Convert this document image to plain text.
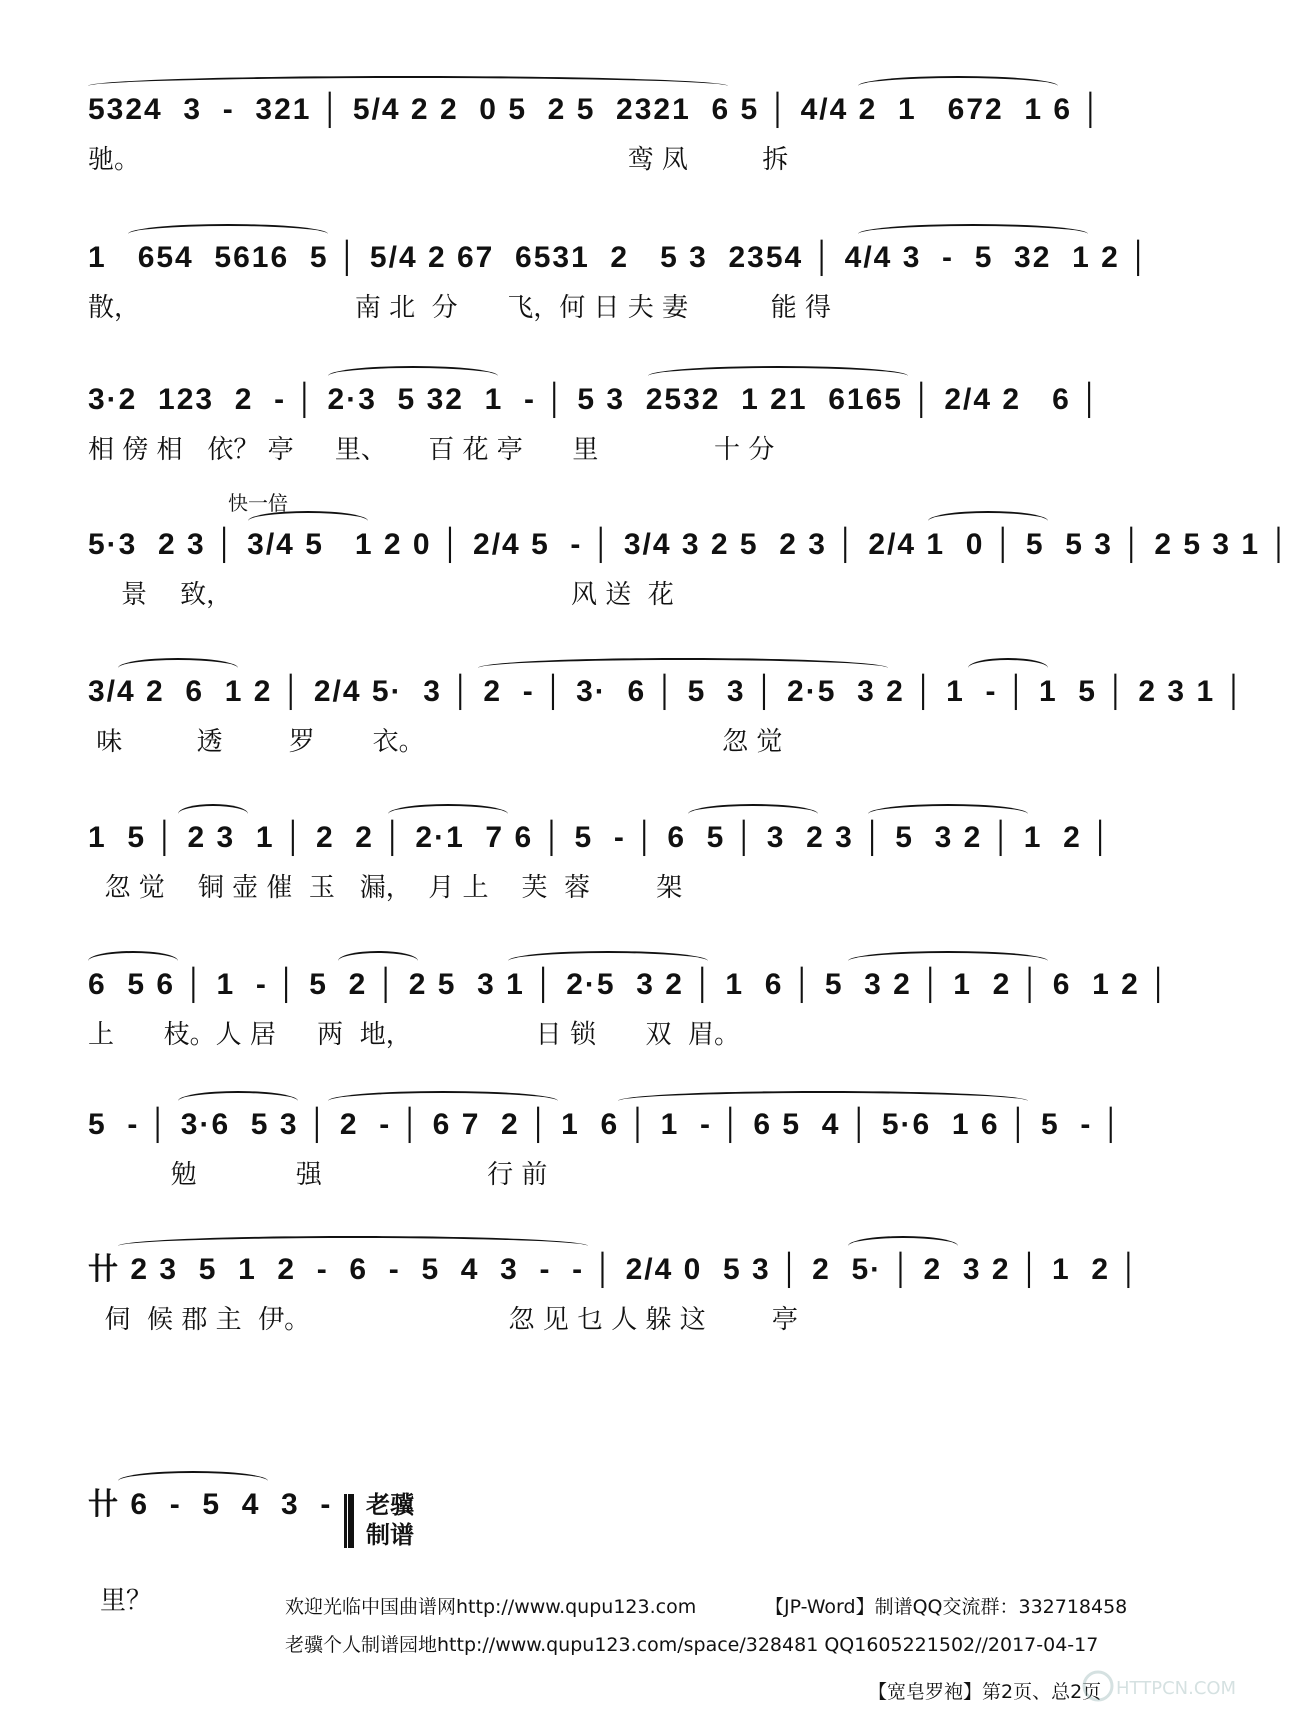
5324  3  -  321 │ 5/4 2 2  0 5  2 5  2321  6 5 │ 4/4 2  1   672  1 6 │
驰。                                                           鸾 凤         拆
1   654  5616  5 │ 5/4 2 67  6531  2   5 3  2354 │ 4/4 3  -  5  32  1 2 │
散，                          南 北  分      飞，何 日 夫 妻          能 得
3·2  123  2  - │ 2·3  5 32  1  - │ 5 3  2532  1 21  6165 │ 2/4 2   6 │
相 傍 相   依？ 亭     里、     百 花 亭      里              十 分
快一倍
5·3  2 3 │ 3/4 5   1 2 0 │ 2/4 5  - │ 3/4 3 2 5  2 3 │ 2/4 1  0 │ 5  5 3 │ 2 5 3 1 │
景    致，                                         风 送  花
3/4 2  6  1 2 │ 2/4 5·  3 │ 2  - │ 3·  6 │ 5  3 │ 2·5  3 2 │ 1  - │ 1  5 │ 2 3 1 │
味         透        罗       衣。                                    忽 觉
1  5 │ 2 3  1 │ 2  2 │ 2·1  7 6 │ 5  - │ 6  5 │ 3  2 3 │ 5  3 2 │ 1  2 │
忽 觉    铜 壶 催  玉   漏，  月 上    芙  蓉        架
6  5 6 │ 1  - │ 5  2 │ 2 5  3 1 │ 2·5  3 2 │ 1  6 │ 5  3 2 │ 1  2 │ 6  1 2 │
上      枝。人 居     两  地，               日 锁      双  眉。
5  - │ 3·6  5 3 │ 2  - │ 6 7  2 │ 1  6 │ 1  - │ 6 5  4 │ 5·6  1 6 │ 5  - │
勉            强                    行 前
卄 2 3  5  1  2  -  6  -  5  4  3  -  - │ 2/4 0  5 3 │ 2  5· │ 2  3 2 │ 1  2 │
伺  候 郡 主  伊。                        忽 见 乜 人 躲 这        亭
卄 6  -  5  4  3  -	老骥
制谱
里？	欢迎光临中国曲谱网http://www.qupu123.com	【JP-Word】制谱QQ交流群：332718458
老骥个人制谱园地http://www.qupu123.com/space/328481 QQ1605221502//2017-04-17
【宽皂罗袍】第2页、总2页 HTTPCN.COM
